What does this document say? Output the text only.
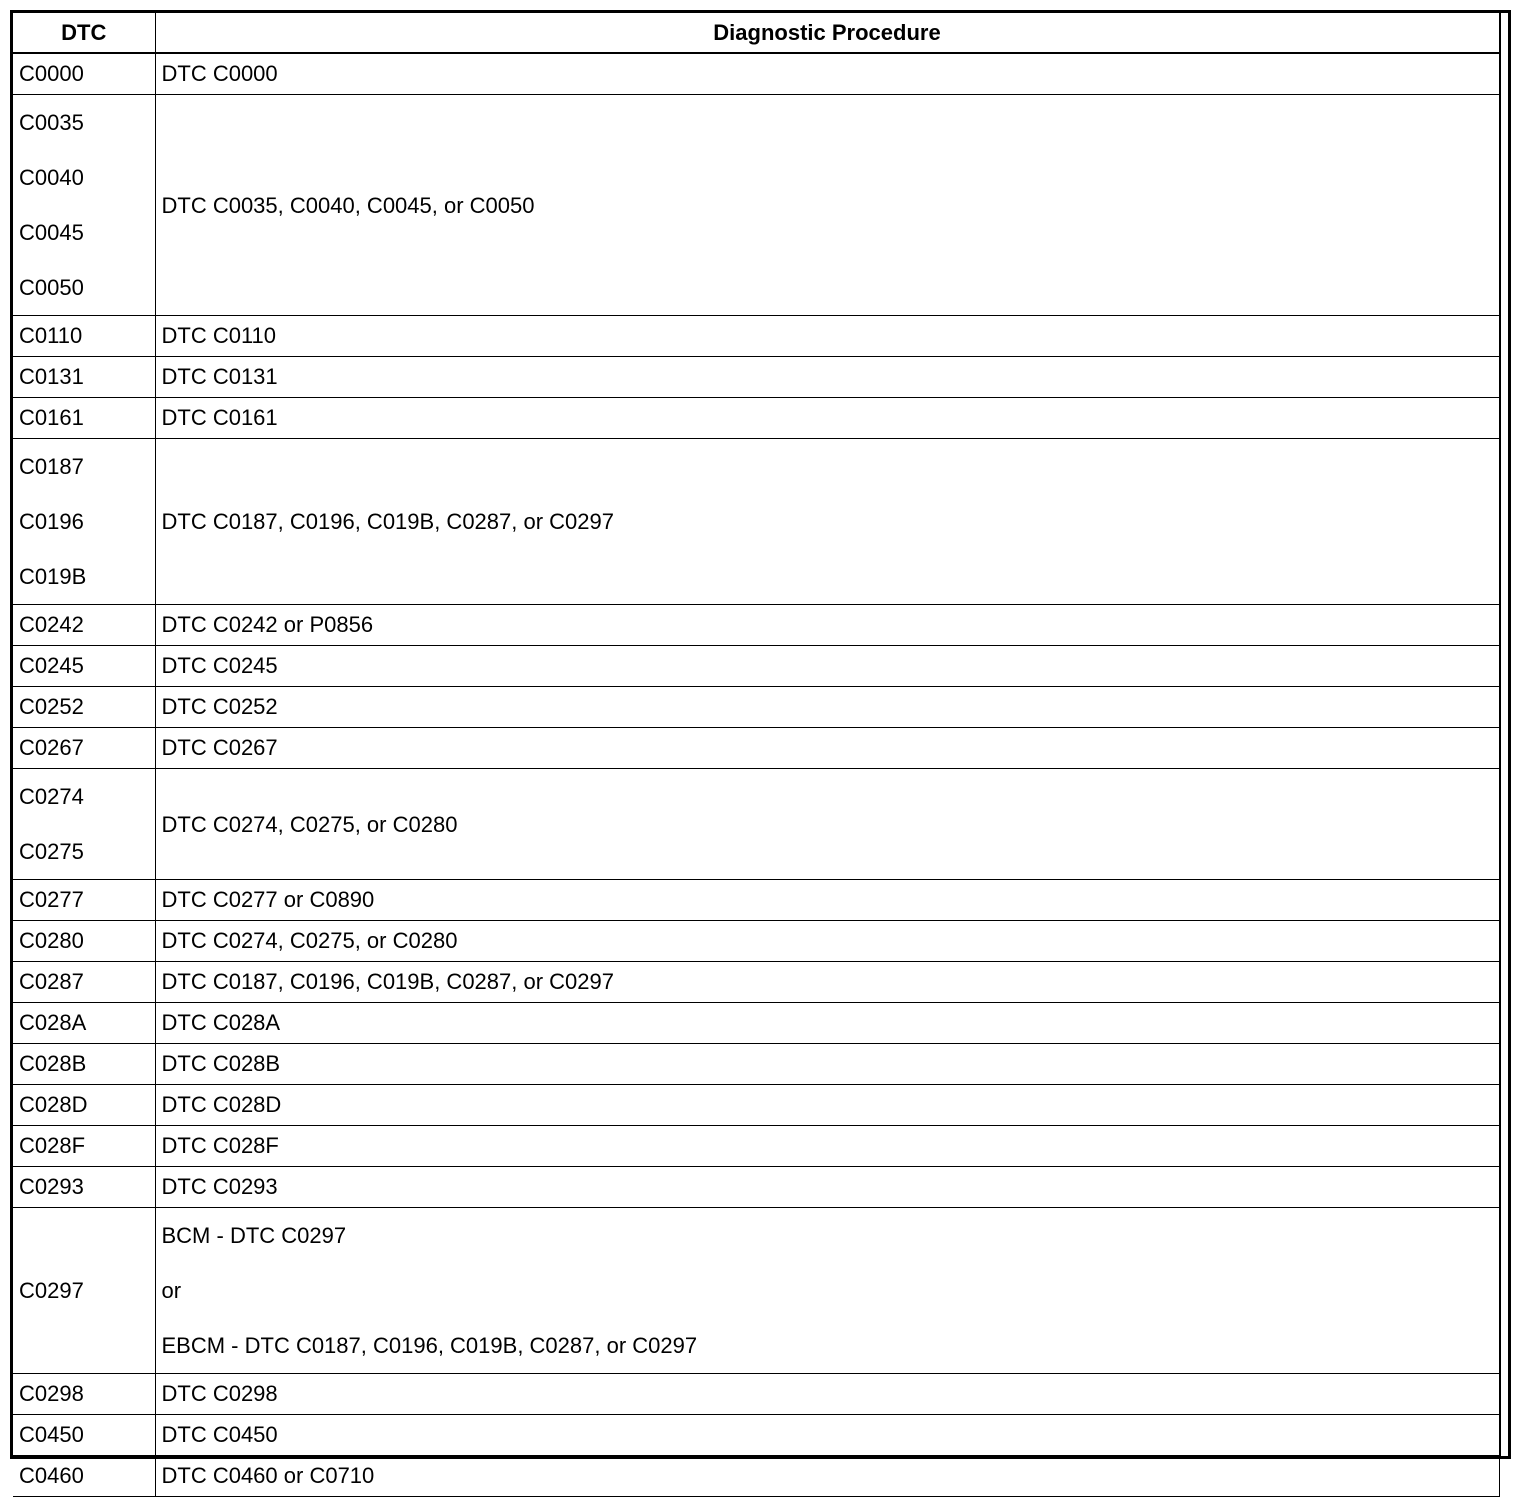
DTC	Diagnostic Procedure

C0000	DTC C0000

C0035
C0040
C0045
C0050	DTC C0035, C0040, C0045, or C0050

C0110	DTC C0110

C0131	DTC C0131

C0161	DTC C0161

C0187
C0196
C019B	DTC C0187, C0196, C019B, C0287, or C0297

C0242	DTC C0242 or P0856

C0245	DTC C0245

C0252	DTC C0252

C0267	DTC C0267

C0274
C0275	DTC C0274, C0275, or C0280

C0277	DTC C0277 or C0890

C0280	DTC C0274, C0275, or C0280

C0287	DTC C0187, C0196, C019B, C0287, or C0297

C028A	DTC C028A

C028B	DTC C028B

C028D	DTC C028D

C028F	DTC C028F

C0293	DTC C0293

C0297	BCM - DTC C0297
or
EBCM - DTC C0187, C0196, C019B, C0287, or C0297

C0298	DTC C0298

C0450	DTC C0450

C0460	DTC C0460 or C0710
